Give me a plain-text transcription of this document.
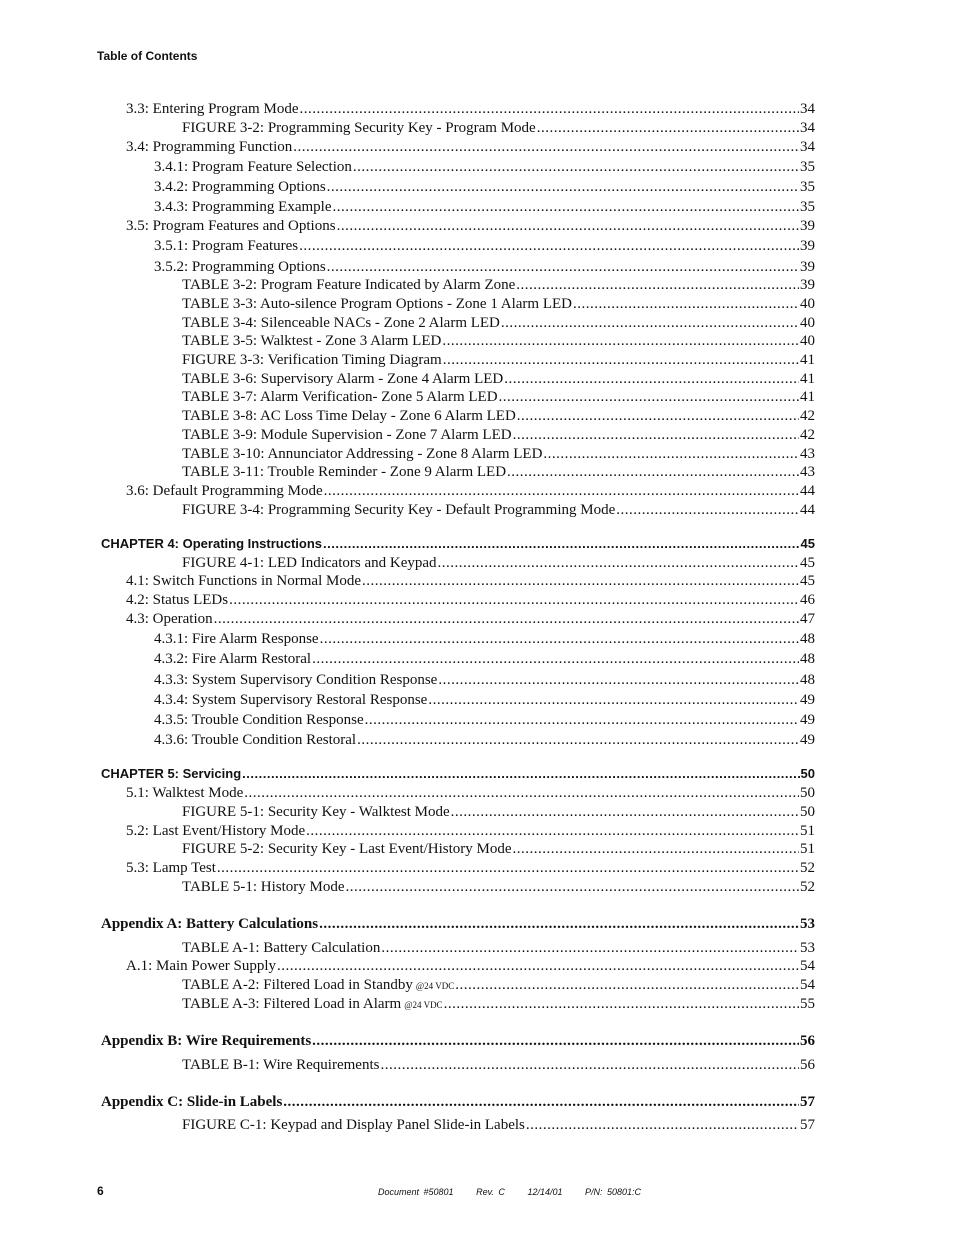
Table of Contents
3.3: Entering Program Mode .....	34
FIGURE 3-2: Programming Security Key - Program Mode .....	34
3.4: Programming Function .....	34
3.4.1: Program Feature Selection .....	35
3.4.2: Programming Options .....	35
3.4.3: Programming Example .....	35
3.5: Program Features and Options .....	39
3.5.1: Program Features .....	39
3.5.2: Programming Options .....	39
TABLE 3-2: Program Feature Indicated by Alarm Zone .....	39
TABLE 3-3: Auto-silence Program Options - Zone 1 Alarm LED .....	40
TABLE 3-4: Silenceable NACs - Zone 2 Alarm LED .....	40
TABLE 3-5: Walktest - Zone 3 Alarm LED .....	40
FIGURE 3-3: Verification Timing Diagram .....	41
TABLE 3-6: Supervisory Alarm - Zone 4 Alarm LED .....	41
TABLE 3-7: Alarm Verification- Zone 5 Alarm LED .....	41
TABLE 3-8: AC Loss Time Delay - Zone 6 Alarm LED .....	42
TABLE 3-9: Module Supervision - Zone 7 Alarm LED .....	42
TABLE 3-10: Annunciator Addressing - Zone 8 Alarm LED .....	43
TABLE 3-11: Trouble Reminder - Zone 9 Alarm LED .....	43
3.6: Default Programming Mode .....	44
FIGURE 3-4: Programming Security Key - Default Programming Mode .....	44
CHAPTER 4: Operating Instructions .....	45
FIGURE 4-1: LED Indicators and Keypad .....	45
4.1: Switch Functions in Normal Mode .....	45
4.2: Status LEDs .....	46
4.3: Operation .....	47
4.3.1: Fire Alarm Response .....	48
4.3.2: Fire Alarm Restoral .....	48
4.3.3: System Supervisory Condition Response .....	48
4.3.4: System Supervisory Restoral Response .....	49
4.3.5: Trouble Condition Response .....	49
4.3.6: Trouble Condition Restoral .....	49
CHAPTER 5: Servicing .....	50
5.1: Walktest Mode .....	50
FIGURE 5-1: Security Key - Walktest Mode .....	50
5.2: Last Event/History Mode .....	51
FIGURE 5-2: Security Key - Last Event/History Mode .....	51
5.3: Lamp Test .....	52
TABLE 5-1: History Mode .....	52
Appendix A: Battery Calculations .....	53
TABLE A-1: Battery Calculation .....	53
A.1: Main Power Supply .....	54
TABLE A-2: Filtered Load in Standby @24 VDC .....	54
TABLE A-3: Filtered Load in Alarm @24 VDC .....	55
Appendix B: Wire Requirements .....	56
TABLE B-1: Wire Requirements .....	56
Appendix C: Slide-in Labels .....	57
FIGURE C-1: Keypad and Display Panel Slide-in Labels .....	57
6	Document #50801	Rev. C	12/14/01	P/N: 50801:C
